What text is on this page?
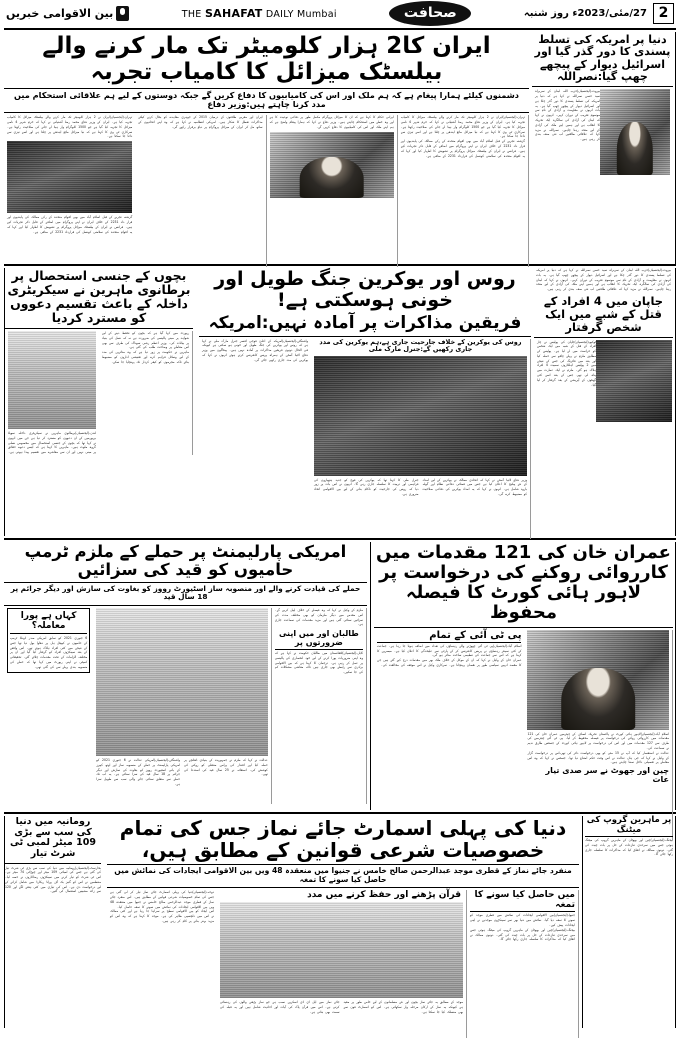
بین الاقوامی خبریں	THE SAHAFAT DAILY Mumbai	صحافت	27/مئی/2023ء روز شنبہ 2
ایران کا2 ہزار کلومیٹر تک مار کرنے والے بیلسٹک میزائل کا کامیاب تجربہ
دشمنوں کیلئے ہمارا پیغام ہے کہ ہم ملک اور اس کی کامیابیوں کا دفاع کریں گے جبکہ دوستوں کے لیے ہم علاقائی استحکام میں مدد کرنا چاہتے ہیں:وزیر دفاع
تہران،(ایجنسیاں)ایران نے 2 ہزار کلومیٹر تک مار کرنے والے بیلسٹک میزائل کا کامیاب تجربہ کیا ہے۔ ایران کے وزیر دفاع محمد رضا آشتیانی نے کہا کہ خرم شہر 4 نامی میزائل کا تجربہ کیا گیا ہے جو 1500 کلوگرام وار ہیڈ لے جانے کی صلاحیت رکھتا ہے۔ سرکاری ٹی وی کا کہنا ہے کہ نیا میزائل مائع ایندھن پر چلتا ہے اور اسے تیزی سے داغا جا سکتا ہے۔
گزشتہ تجربے کے قبل اسلام آباد میں بھی اقوام متحدہ کے رکن ممالک کی پابندیوں اور قرار داد 2231 کے خلاف ایران نے اپنے پروگرام میں اضافے کے قابل ذکر تجربات کیے ہیں۔ فرانس نے ایران کے بیلسٹک میزائل پروگرام پر تشویش کا اظہار کیا اور کہا کہ یہ اقوام متحدہ کی سلامتی کونسل کی قرارداد 2231 کے منافی ہے۔
ایران اور مغربی طاقتوں کے درمیان 2015 کے جوہری معاہدے کو بحال کرنے کیلئے مذاکرات تعطل کا شکار ہیں۔ امریکی انتظامیہ نے کہا ہے کہ وہ اپنے اتحادیوں کے ساتھ مل کر ایران کے میزائل پروگرام پر دباؤ برقرار رکھے گی۔
ایرانی حکام کا کہنا ہے کہ ان کا میزائل پروگرام مکمل طور پر دفاعی نوعیت کا ہے اور وہ خطے میں استحکام چاہتے ہیں۔ وزیر دفاع نے کہا کہ ہمارا پیغام واضح ہے کہ ہم اپنے ملک اور اس کی کامیابیوں کا دفاع کریں گے۔
تہران،(ایجنسیاں)ایران نے 2 ہزار کلومیٹر تک مار کرنے والے بیلسٹک میزائل کا کامیاب تجربہ کیا ہے۔ ایران کے وزیر دفاع محمد رضا آشتیانی نے کہا کہ خرم شہر 4 نامی میزائل کا تجربہ کیا گیا ہے جو 1500 کلوگرام وار ہیڈ لے جانے کی صلاحیت رکھتا ہے۔ سرکاری ٹی وی کا کہنا ہے کہ نیا میزائل مائع ایندھن پر چلتا ہے اور اسے تیزی سے داغا جا سکتا ہے۔
گزشتہ تجربے کے قبل اسلام آباد میں بھی اقوام متحدہ کے رکن ممالک کی پابندیوں اور قرار داد 2231 کے خلاف ایران نے اپنے پروگرام میں اضافے کے قابل ذکر تجربات کیے ہیں۔ فرانس نے ایران کے بیلسٹک میزائل پروگرام پر تشویش کا اظہار کیا اور کہا کہ یہ اقوام متحدہ کی سلامتی کونسل کی قرارداد 2231 کے منافی ہے۔
دنیا پر امریکہ کی تسلط پسندی کا دور گذر گیا اور اسرائیل دیوار کے پیچھے چھپ گیا:نصراللہ
بیروت،(ایجنسیاں)حزب اللہ لبنان کے سربراہ سید حسن نصراللہ نے کہا ہے کہ دنیا پر امریکہ کی تسلط پسندی کا دور گذر چکا ہے اور اسرائیل دیوار کے پیچھے چھپ گیا ہے۔ یہ بات انہوں نے مقاومت و آزادی کے نام سے موسوم تقریب کے دوران کہی۔ انہوں نے کہا کہ لبنان کی آزادی کی سالگرہ ایک تحریک کا انقلاب ہے اور ہمیں اپنے ملک کی آزادی کے لیے متحد رہنا چاہیے۔ نصراللہ نے مزید کہا کہ علاقائی طاقتیں اب نئی صف بندی کر رہی ہیں۔
بچوں کے جنسی استحصال پر برطانوی ماہرین نے سیکریٹری داخلہ کے باعث تقسیم دعووں کو مسترد کردیا
لندن،(ایجنسیاں)برطانوی ماہرین نے سیکریٹری داخلہ سویلا بریورمین کے ان دعووں کو مسترد کر دیا ہے جن میں انہوں نے کہا تھا کہ بچوں کے جنسی استحصال میں مخصوص نسلی گروہ ملوث ہیں۔ ماہرین کا کہنا ہے کہ ایسے دعوے حقائق پر مبنی نہیں اور ان سے معاشرے میں تقسیم پیدا ہوتی ہے۔
رپورٹ میں کہا گیا ہے کہ بچوں کو تحفظ دینے کے لیے شواہد پر مبنی پالیسی کی ضرورت ہے نہ کہ نسل کی بنیاد پر بیانات کی۔ وزیر اعظم رشی سوناک کی طرف سے بھی اس معاملے پر وضاحت طلب کی گئی ہے۔
ماہرین نے حکومت پر زور دیا ہے کہ وہ متاثرین کی مدد کے لیے وسائل فراہم کرے اور تفتیشی اداروں کو مضبوط بنائے تاکہ مجرموں کو کیفر کردار تک پہنچایا جا سکے۔
روس اور یوکرین جنگ طویل اور خونی ہوسکتی ہے!
فریقین مذاکرات پر آمادہ نہیں:امریکہ
واشنگٹن،(ایجنسیاں)امریکہ کے اعلیٰ فوجی افسر جنرل مارک ملی نے کہا ہے کہ روس اور یوکرین کی جنگ طویل اور خونی ہو سکتی ہے کیونکہ فی الحال دونوں فریقین مذاکرات پر آمادہ نہیں ہیں۔ پینٹاگون میں وزیر دفاع لائیڈ آسٹن کے ہمراہ پریس کانفرنس کرتے ہوئے انہوں نے کہا کہ یوکرین کی مدد جاری رکھی جائے گی۔
روس کی یوکرین کے خلاف جارحیت جاری ہے،ہم یوکرین کی مدد جاری رکھیں گے:جنرل مارک ملی
جنرل ملی کا کہنا تھا کہ یوکرین کی فوج کو جدید ہتھیاروں کی فراہمی اور تربیت کا سلسلہ جاری رہے گا۔ انہوں نے اس بات پر زور دیا کہ روس کی جارحیت کو ناکام بنانے کے لیے بین الاقوامی اتحاد ضروری ہے۔
وزیر دفاع لائیڈ آسٹن نے کہا کہ اتحادی ممالک نے یوکرین کے لیے امداد کے نئے پیکیج کا اعلان کیا ہے جس میں فضائی دفاعی نظام اور گولہ بارود شامل ہے۔ انہوں نے کہا کہ یہ امداد یوکرین کی دفاعی صلاحیت کو مضبوط کرے گی۔
بیروت،(ایجنسیاں)حزب اللہ لبنان کے سربراہ سید حسن نصراللہ نے کہا ہے کہ دنیا پر امریکہ کی تسلط پسندی کا دور گذر چکا ہے اور اسرائیل دیوار کے پیچھے چھپ گیا ہے۔ یہ بات انہوں نے مقاومت و آزادی کے نام سے موسوم تقریب کے دوران کہی۔ انہوں نے کہا کہ لبنان کی آزادی کی سالگرہ ایک تحریک کا انقلاب ہے اور ہمیں اپنے ملک کی آزادی کے لیے متحد رہنا چاہیے۔ نصراللہ نے مزید کہا کہ علاقائی طاقتیں اب نئی صف بندی کر رہی ہیں۔
جاپان میں 4 افراد کے قتل کے شبے میں ایک شخص گرفتار
ٹوکیو،(ایجنسیاں)جاپان کی پولیس نے چار افراد کے قتل کے شبہ میں ایک شخص کو حراست میں لے لیا ہے۔ پولیس کے مطابق ملزم نے پہلے چاقو سے حملہ کیا اور بعد میں فائرنگ کی جس کے نتیجے میں 2 پولیس اہلکاروں سمیت 4 افراد ہلاک ہو گئے۔ ملزم نے ایک عمارت میں پناہ لی تھی جس کے بعد اسے کئی گھنٹوں کے آپریشن کے بعد گرفتار کر لیا گیا۔
امریکی پارلیمنٹ پر حملے کے ملزم ٹرمپ حامیوں کو قید کی سزائیں
حملے کی قیادت کرنے والے اور منصوبہ ساز اسٹیورٹ رووز کو بغاوت کی سازش اور دیگر جرائم پر 18 سال قید
کہاں ہے پورا معاملہ؟
6 جنوری 2021 کو سابق امریکی صدر ڈونلڈ ٹرمپ کے حامیوں نے کیپیٹل ہل پر دھاوا بول دیا تھا جس کے نتیجے میں کئی افراد ہلاک ہوئے تھے۔ اس واقعے کے بعد سینکڑوں افراد کو گرفتار کیا گیا اور ان پر مختلف الزامات کے تحت مقدمات چلائے گئے۔ تحقیقاتی کمیٹی نے اپنی رپورٹ میں کہا تھا کہ حملے کی منصوبہ بندی پہلے سے کی گئی تھی۔
واشنگٹن،(ایجنسیاں)امریکی عدالت نے 6 جنوری 2021 کو امریکی پارلیمنٹ پر حملے کے منصوبہ ساز اور اوتھ کیپرز کے بانی اسٹیورٹ رووز کو بغاوت کی سازش اور دیگر جرائم پر 18 سال قید کی سزا سنائی ہے۔ یہ اب تک حملے سے متعلق سنائی جانے والی سب سے طویل سزا ہے۔
عدالت نے کہا کہ ملزم نے جمہوریت کے بنیادی ڈھانچے پر حملہ کیا اور اقتدار کی پرامن منتقلی کو روکنے کی کوشش کی۔ استغاثہ نے 25 سال قید کی استدعا کی تھی۔
ملزم کے وکیل نے کہا کہ وہ فیصلے کے خلاف اپیل کریں گے۔ اس مقدمے میں دیگر ملزمان کو بھی مختلف مدت کی سزائیں سنائی گئی ہیں اور مزید مقدمات کی سماعت جاری ہے۔
طالبان اور میں اپنی ضرورتوں پر
کابل،(ایجنسیاں)افغانستان میں طالبان حکومت نے کہا ہے کہ وہ اپنی ضروریات پورا کرنے کے لیے خود انحصاری کی پالیسی پر عمل کر رہی ہے۔ ترجمان کا کہنا ہے کہ بین الاقوامی برادری سے رابطے بھی جاری ہیں تاکہ معاشی مشکلات کم کی جا سکیں۔
عمران خان کی 121 مقدمات میں کارروائی روکنے کی درخواست پر لاہور ہائی کورٹ کا فیصلہ محفوظ
پی ٹی آئی کے تمام
اسلام آباد،(ایجنسیاں)پی ٹی آئی چھوڑنے والے رہنماؤں کی تعداد میں اضافہ ہوتا جا رہا ہے۔ جماعت کے کئی سینئر رہنماؤں نے پریس کانفرنس کر کے پارٹی سے علیحدگی کا اعلان کیا ہے۔ مبصرین کا کہنا ہے کہ اس سے جماعت کی تنظیمی ساخت متاثر ہو گی۔
عمران خان کے وکیل نے کہا کہ ان کے موکل کے خلاف ملک بھر میں مقدمات درج کیے گئے ہیں جن کا مقصد انہیں سیاسی طور پر نقصان پہنچانا ہے۔ سرکاری وکیل نے اس موقف کی مخالفت کی۔
اسلام آباد،(ایجنسیاں)لاہور ہائی کورٹ نے پاکستان تحریک انصاف کے چیئرمین عمران خان کی 121 مقدمات میں کارروائی روکنے کی درخواست پر فیصلہ محفوظ کر لیا۔ پی ٹی آئی چیئرمین کی طرف سے 127 مقدمات میں اور اس کی درخواست پر لاہور ہائی کورٹ کے جسٹس طارق ندیم نے سماعت کی۔
عدالت نے استفسار کیا کہ آپ نے 15 مئی کو بھی درخواست دائر کی تھی،اس پر درخواست گزار کے وکیل نے کہا کہ جی ہاں عدالت نے اس وقت حکم امتناع دیا تھا۔ جسٹس نے کہا کہ وہ اس معاملے پر تفصیلی دلائل سننا چاہتے ہیں۔
چین اور جھوٹ نے سر صدی تیار عات
رومانیہ میں دنیا کی سب سے بڑی 109 میٹر لمبی ٹی شرٹ تیار
بخارسٹ،(ایجنسیاں)رومانیہ میں دنیا کی سب سے بڑی ٹی شرٹ تیار کی گئی ہے جس کی لمبائی 109 میٹر اور چوڑائی 74 میٹر ہے۔ اس ٹی شرٹ کو تیار کرنے میں سینکڑوں رضاکاروں نے حصہ لیا۔ منتظمین نے اس کو گنیز بک آف ورلڈ ریکارڈ میں شامل کرانے کے لیے درخواست دی ہے۔ اس کی تیاری میں کئی ہفتے لگے اور 120 سے زائد مشینیں استعمال کی گئیں۔
دنیا کی پہلی اسمارٹ جائے نماز جس کی تمام خصوصیات شرعی قوانین کے مطابق ہیں،
منفرد جائے نماز کے قطری موجد عبدالرحمن صالح خامس نے جنیوا میں منعقدہ 48 ویں بین الاقوامی ایجادات کی نمائش میں حاصل کیا سونے کا تمغہ
دوحہ،(ایجنسیاں)دنیا کی پہلی اسمارٹ جائے نماز تیار کر لی گئی ہے جس کی تمام خصوصیات شرعی قوانین کے مطابق ہیں۔ اس منفرد جائے نماز کے قطری موجد عبدالرحمن صالح خامس نے جنیوا میں منعقدہ 48 ویں بین الاقوامی ایجادات کی نمائش میں سونے کا تمغہ حاصل کیا۔
اس ایجاد کو بین الاقوامی سطح پر سراہا جا رہا ہے اور کئی ممالک نے اس میں دلچسپی ظاہر کی ہے۔ موجد کا کہنا ہے کہ وہ اس کو مزید بہتر بنانے پر کام کر رہے ہیں۔
قرآن پڑھنے اور حفظ کرنے میں مدد
جائے نماز میں ایل ای ڈی اسکرین نصب ہے جو نماز پڑھنے والوں کی رہنمائی کرتی ہے۔ اس میں قرآن پاک کی آیات اور احادیث شامل ہیں اور یہ قبلہ کی سمت بھی بتاتی ہے۔
موجد کے مطابق یہ جائے نماز بچوں اور نئے مسلمانوں کے لیے خاص طور پر مفید ہے کیونکہ یہ نماز کے ارکان مرحلہ وار سکھاتی ہے۔ اس کو اسمارٹ فون سے بھی منسلک کیا جا سکتا ہے۔
میں حاصل کیا سونے کا تمغہ
جنیوا،(ایجنسیاں)بین الاقوامی ایجادات کی نمائش میں قطری موجد کو سونے کا تمغہ دیا گیا۔ نمائش میں دنیا بھر سے سینکڑوں موجدین نے اپنی ایجادات پیش کیں۔
بیجنگ،(ایجنسیاں)چین اور بھوٹان کے ماہرین گروپ کی میٹنگ ہوئی جس میں سرحدی تنازعات کے حل پر بات چیت کی گئی۔ دونوں ممالک نے اتفاق کیا کہ مذاکرات کا سلسلہ جاری رکھا جائے گا۔
پر ماہرین گروپ کی میٹنگ
بیجنگ،(ایجنسیاں)چین اور بھوٹان کے ماہرین گروپ کی میٹنگ ہوئی جس میں سرحدی تنازعات کے حل پر بات چیت کی گئی۔ دونوں ممالک نے اتفاق کیا کہ مذاکرات کا سلسلہ جاری رکھا جائے گا۔
